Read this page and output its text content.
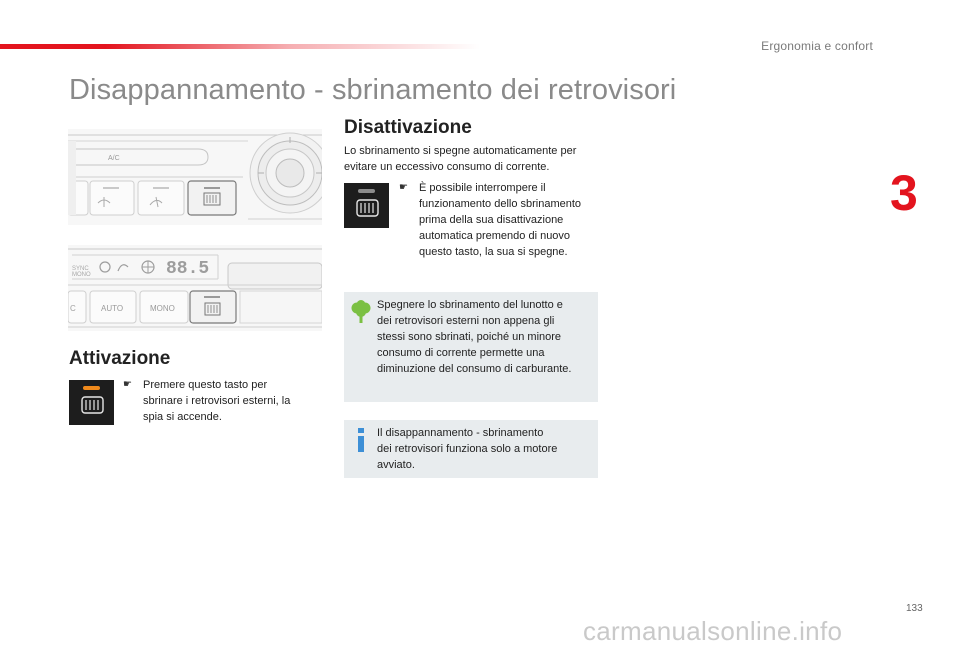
Ergonomia e confort
3
Disappannamento - sbrinamento dei retrovisori
A/C
SYNC
MONO	88.5
C	AUTO	MONO
Attivazione
☛	Premere questo tasto per
sbrinare i retrovisori esterni, la
spia si accende.
Disattivazione
Lo sbrinamento si spegne automaticamente per
evitare un eccessivo consumo di corrente.
☛	È possibile interrompere il
funzionamento dello sbrinamento
prima della sua disattivazione
automatica premendo di nuovo
questo tasto, la sua si spegne.
Spegnere lo sbrinamento del lunotto e
dei retrovisori esterni non appena gli
stessi sono sbrinati, poiché un minore
consumo di corrente permette una
diminuzione del consumo di carburante.
Il disappannamento - sbrinamento
dei retrovisori funziona solo a motore
avviato.
133
carmanualsonline.info
